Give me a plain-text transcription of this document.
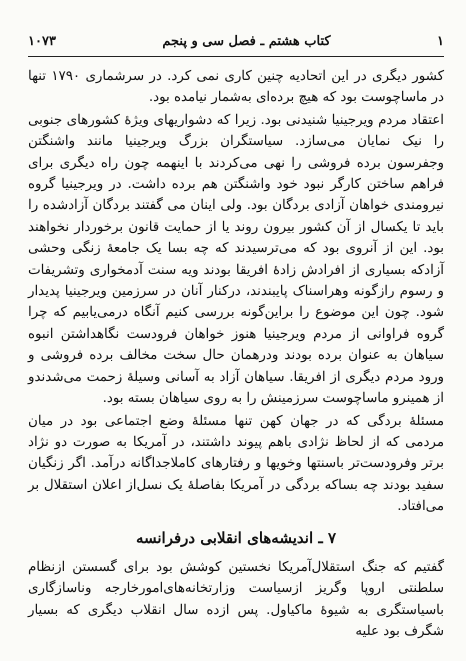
۱۰۷۳	کتاب هشتم ـ فصل سی و پنجم	۱

کشور دیگری در این اتحادیه چنین کاری نمی کرد. در سرشماری ۱۷۹۰ تنها در ماساچوست بود که هیچ برده‌ای به‌شمار نیامده بود.

اعتقاد مردم ویرجینیا شنیدنی بود. زیرا که دشواریهای ویژهٔ کشورهای جنوبی را نیک نمایان می‌سازد. سیاستگران بزرگ ویرجینیا مانند واشنگتن وجفرسون برده فروشی را نهی می‌کردند با اینهمه چون راه دیگری برای فراهم ساختن کارگر نبود خود واشنگتن هم برده داشت. در ویرجینیا گروه نیرومندی خواهان آزادی بردگان بود. ولی اینان می گفتند بردگان آزادشده را باید تا یکسال از آن کشور بیرون روند یا از حمایت قانون برخوردار نخواهند بود. این از آنروی بود که می‌ترسیدند که چه بسا یک جامعهٔ زنگی وحشی آزادکه بسیاری از افرادش زادهٔ افریقا بودند ویه سنت آدمخواری وتشریفات و رسوم رازگونه وهراسناک پایبندند، درکنار آنان در سرزمین ویرجینیا پدیدار شود. چون این موضوع را براین‌گونه بررسی کنیم آنگاه درمی‌یابیم که چرا گروه فراوانی از مردم ویرجینیا هنوز خواهان فرودست نگاهداشتن انبوه سیاهان به عنوان برده بودند ودرهمان حال سخت مخالف برده فروشی و ورود مردم دیگری از افریقا. سیاهان آزاد به آسانی وسیلهٔ زحمت می‌شدندو از همینرو ماساچوست سرزمینش را به روی سیاهان بسته بود.

مسئلهٔ بردگی که در جهان کهن تنها مسئلهٔ وضع اجتماعی بود در میان مردمی که از لحاظ نژادی باهم پیوند داشتند، در آمریکا به صورت دو نژاد برتر وفرودست‌تر باسنتها وخویها و رفتارهای کاملاجداگانه درآمد. اگر زنگیان سفید بودند چه بساکه بردگی در آمریکا بفاصلهٔ یک نسل‌از اعلان استقلال بر می‌افتاد.

۷ ـ اندیشه‌های انقلابی درفرانسه

گفتیم که جنگ استقلال‌آمریکا نخستین کوشش بود برای گسستن ازنظام سلطنتی اروپا وگریز ازسیاست وزارتخانه‌های‌امورخارجه وناسازگاری باسیاستگری به شیوهٔ ماکیاول. پس ازده سال انقلاب دیگری که بسیار شگرف بود علیه
